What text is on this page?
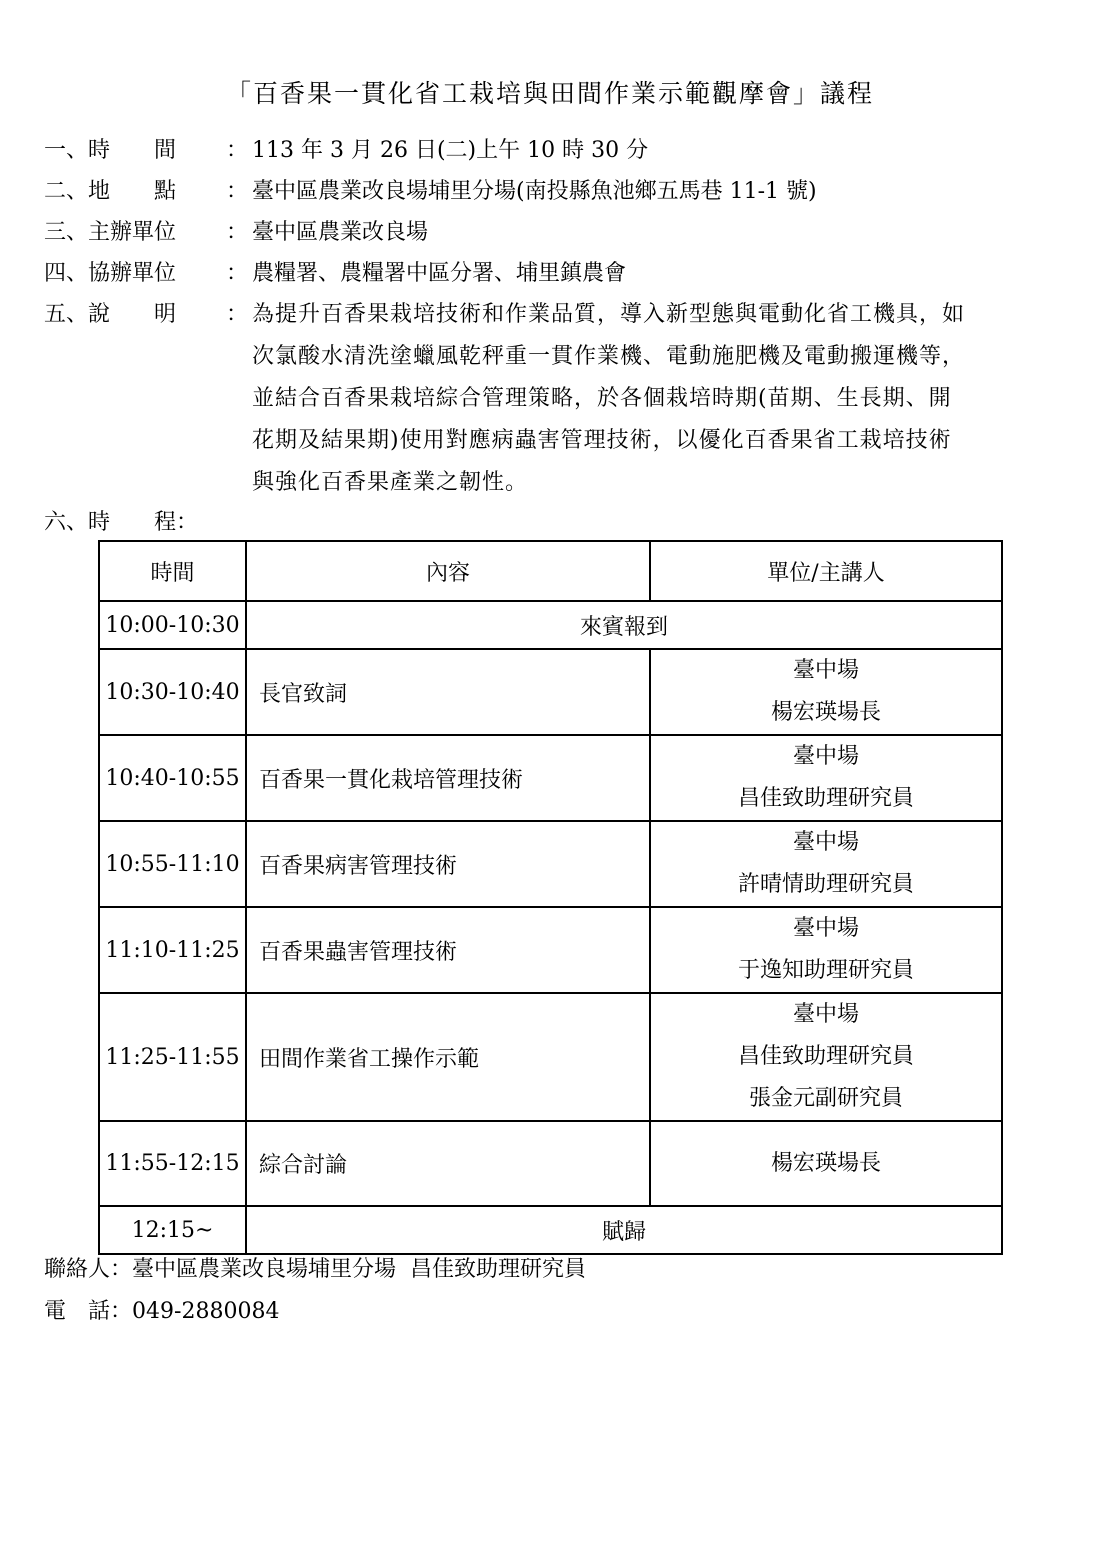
「百香果一貫化省工栽培與田間作業示範觀摩會」議程
一、時　　間 ： 113 年 3 月 26 日(二)上午 10 時 30 分
二、地　　點 ： 臺中區農業改良場埔里分場(南投縣魚池鄉五馬巷 11-1 號)
三、主辦單位 ： 臺中區農業改良場
四、協辦單位 ： 農糧署、農糧署中區分署、埔里鎮農會
五、說　　明	： 為提升百香果栽培技術和作業品質，導入新型態與電動化省工機具，如
次氯酸水清洗塗蠟風乾秤重一貫作業機、電動施肥機及電動搬運機等，
並結合百香果栽培綜合管理策略，於各個栽培時期(苗期、生長期、開
花期及結果期)使用對應病蟲害管理技術，以優化百香果省工栽培技術
與強化百香果產業之韌性。
六、時　　程：
時間	內容	單位/主講人
10:00-10:30	來賓報到	
10:30-10:40	長官致詞	臺中場
楊宏瑛場長

10:40-10:55	百香果一貫化栽培管理技術	臺中場
昌佳致助理研究員

10:55-11:10	百香果病害管理技術	臺中場
許晴情助理研究員

11:10-11:25	百香果蟲害管理技術	臺中場
于逸知助理研究員

11:25-11:55	田間作業省工操作示範	臺中場
昌佳致助理研究員
張金元副研究員

11:55-12:15	綜合討論	楊宏瑛場長

12:15~	賦歸	
聯絡人：臺中區農業改良場埔里分場  昌佳致助理研究員
電　話：049-2880084
